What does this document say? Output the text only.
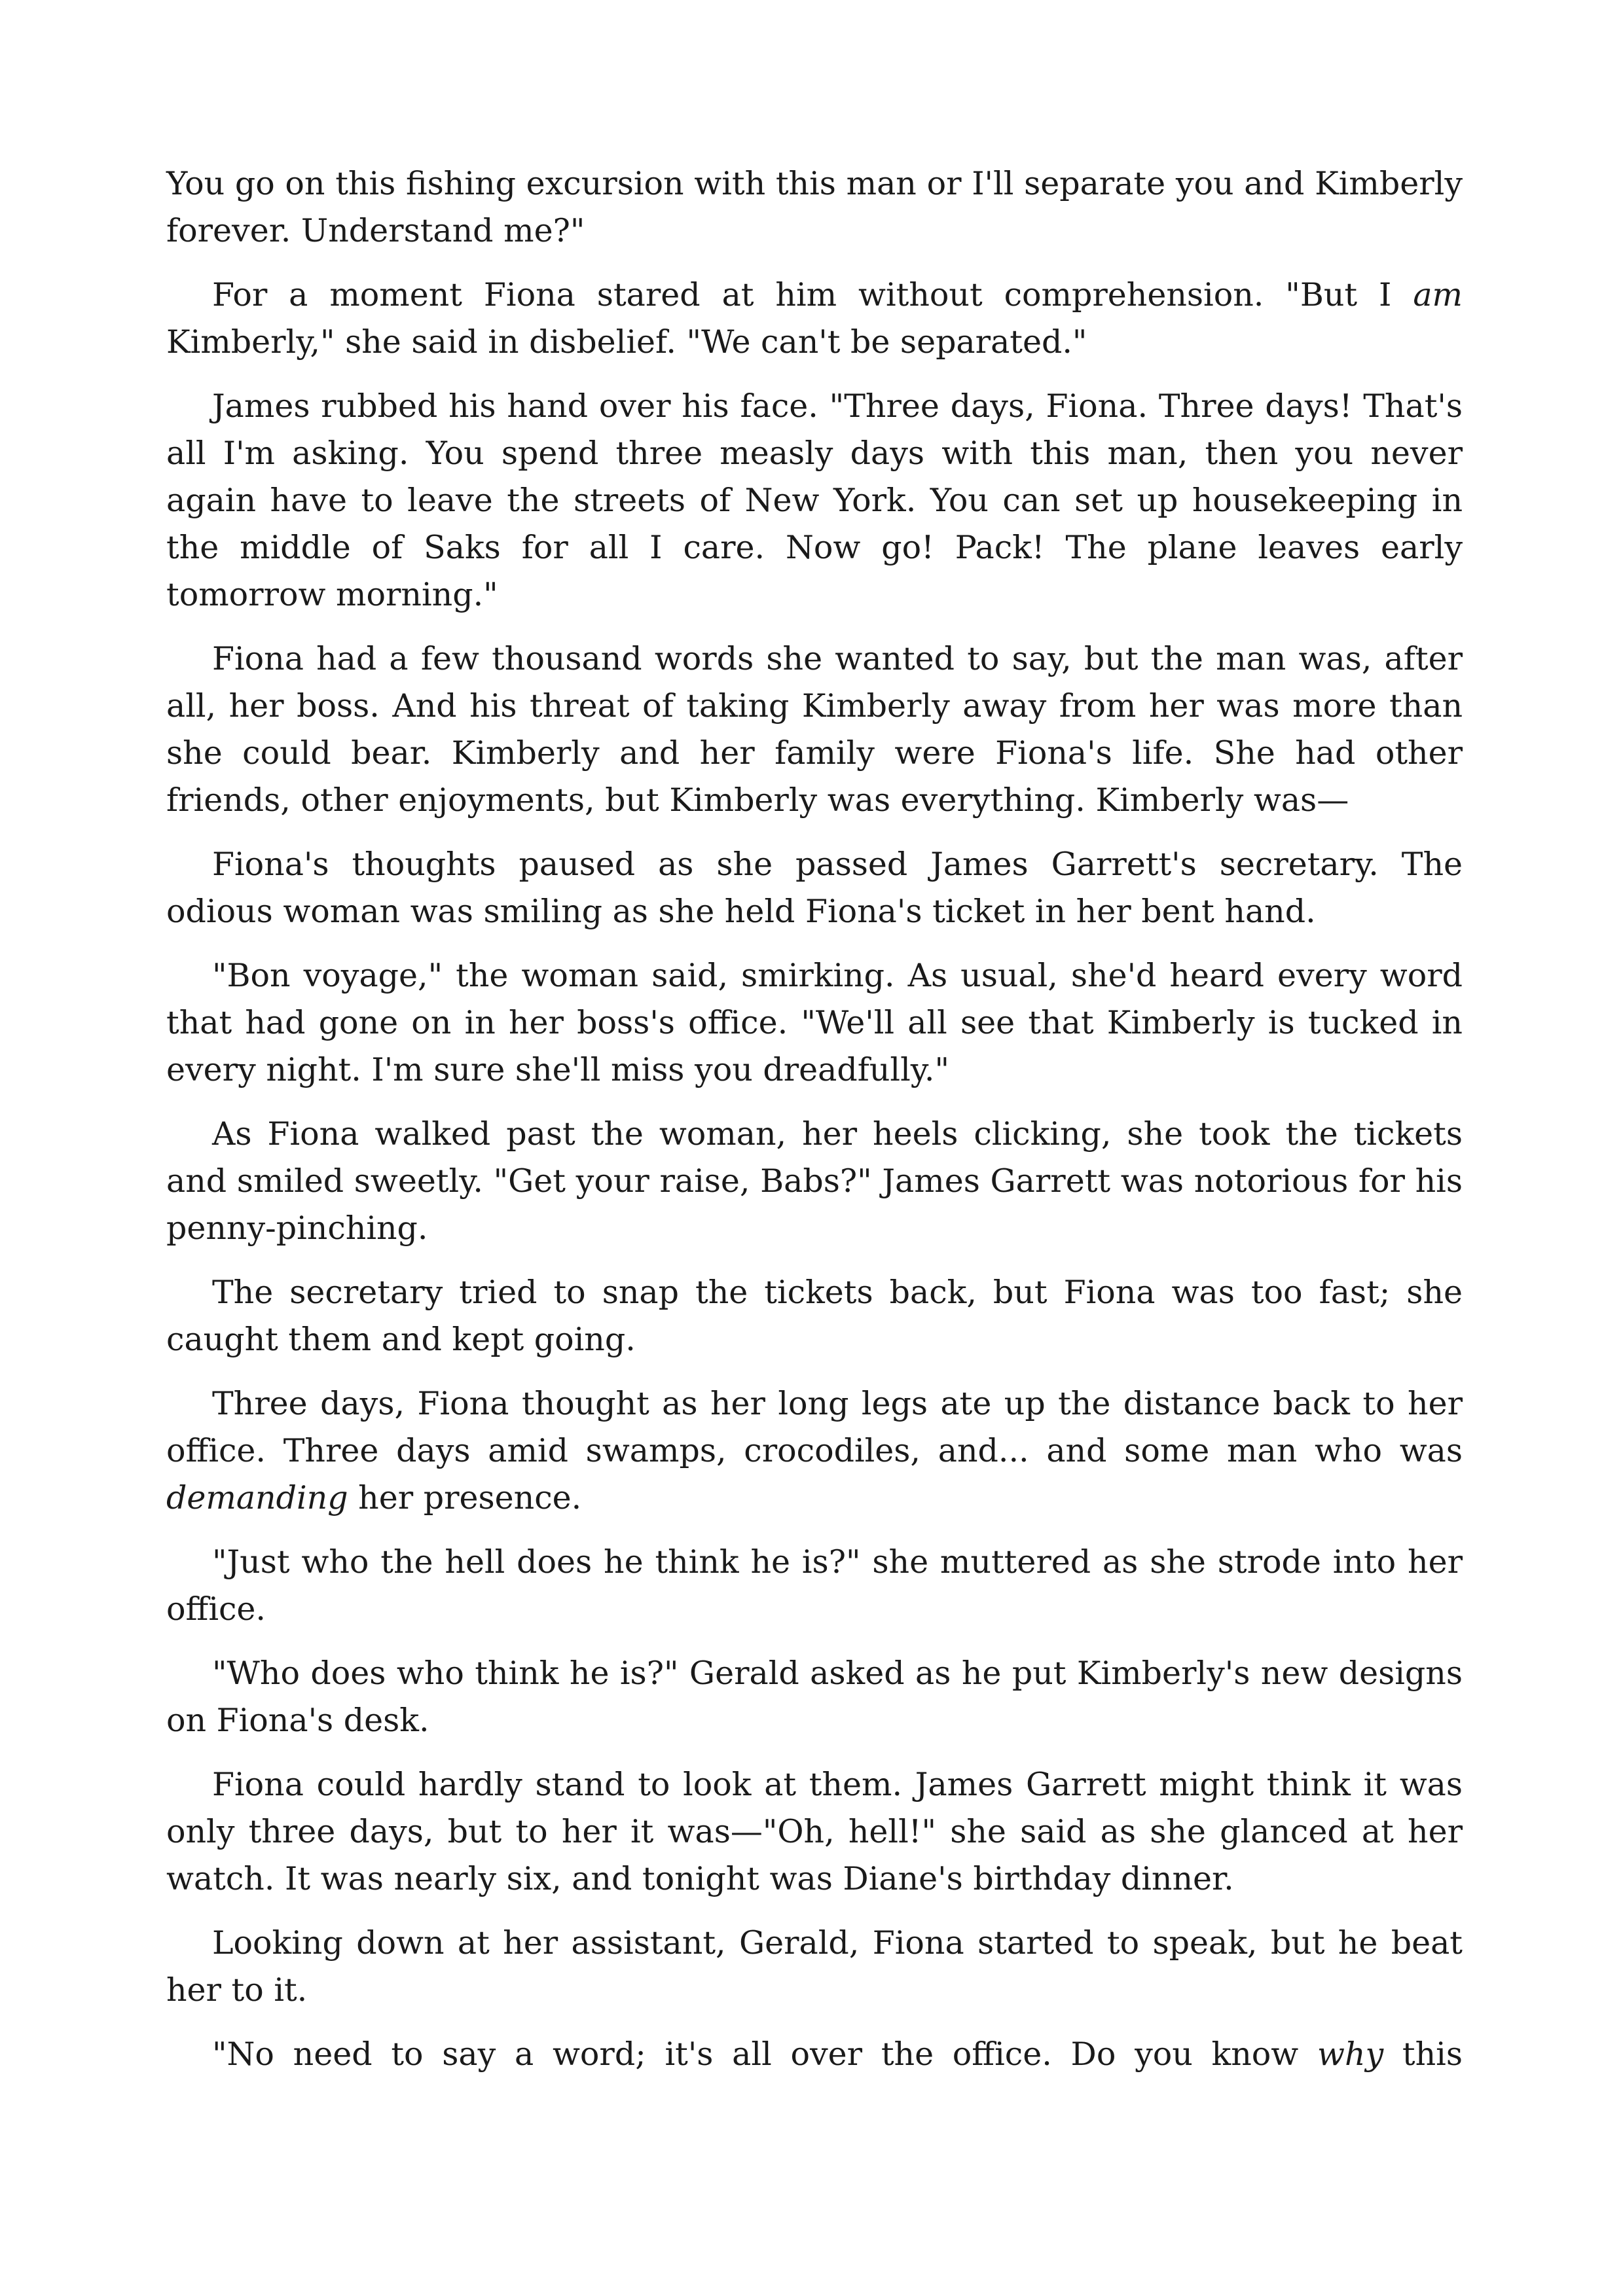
You go on this fishing excursion with this man or I'll separate you and Kimberly forever. Understand me?"

For a moment Fiona stared at him without comprehension. "But I am Kimberly," she said in disbelief. "We can't be separated."

James rubbed his hand over his face. "Three days, Fiona. Three days! That's all I'm asking. You spend three measly days with this man, then you never again have to leave the streets of New York. You can set up housekeeping in the middle of Saks for all I care. Now go! Pack! The plane leaves early tomorrow morning."

Fiona had a few thousand words she wanted to say, but the man was, after all, her boss. And his threat of taking Kimberly away from her was more than she could bear. Kimberly and her family were Fiona's life. She had other friends, other enjoyments, but Kimberly was everything. Kimberly was—

Fiona's thoughts paused as she passed James Garrett's secretary. The odious woman was smiling as she held Fiona's ticket in her bent hand.

"Bon voyage," the woman said, smirking. As usual, she'd heard every word that had gone on in her boss's office. "We'll all see that Kimberly is tucked in every night. I'm sure she'll miss you dreadfully."

As Fiona walked past the woman, her heels clicking, she took the tickets and smiled sweetly. "Get your raise, Babs?" James Garrett was notorious for his penny-pinching.

The secretary tried to snap the tickets back, but Fiona was too fast; she caught them and kept going.

Three days, Fiona thought as her long legs ate up the distance back to her office. Three days amid swamps, crocodiles, and... and some man who was demanding her presence.

"Just who the hell does he think he is?" she muttered as she strode into her office.

"Who does who think he is?" Gerald asked as he put Kimberly's new designs on Fiona's desk.

Fiona could hardly stand to look at them. James Garrett might think it was only three days, but to her it was—"Oh, hell!" she said as she glanced at her watch. It was nearly six, and tonight was Diane's birthday dinner.

Looking down at her assistant, Gerald, Fiona started to speak, but he beat her to it.

"No need to say a word; it's all over the office. Do you know why this
